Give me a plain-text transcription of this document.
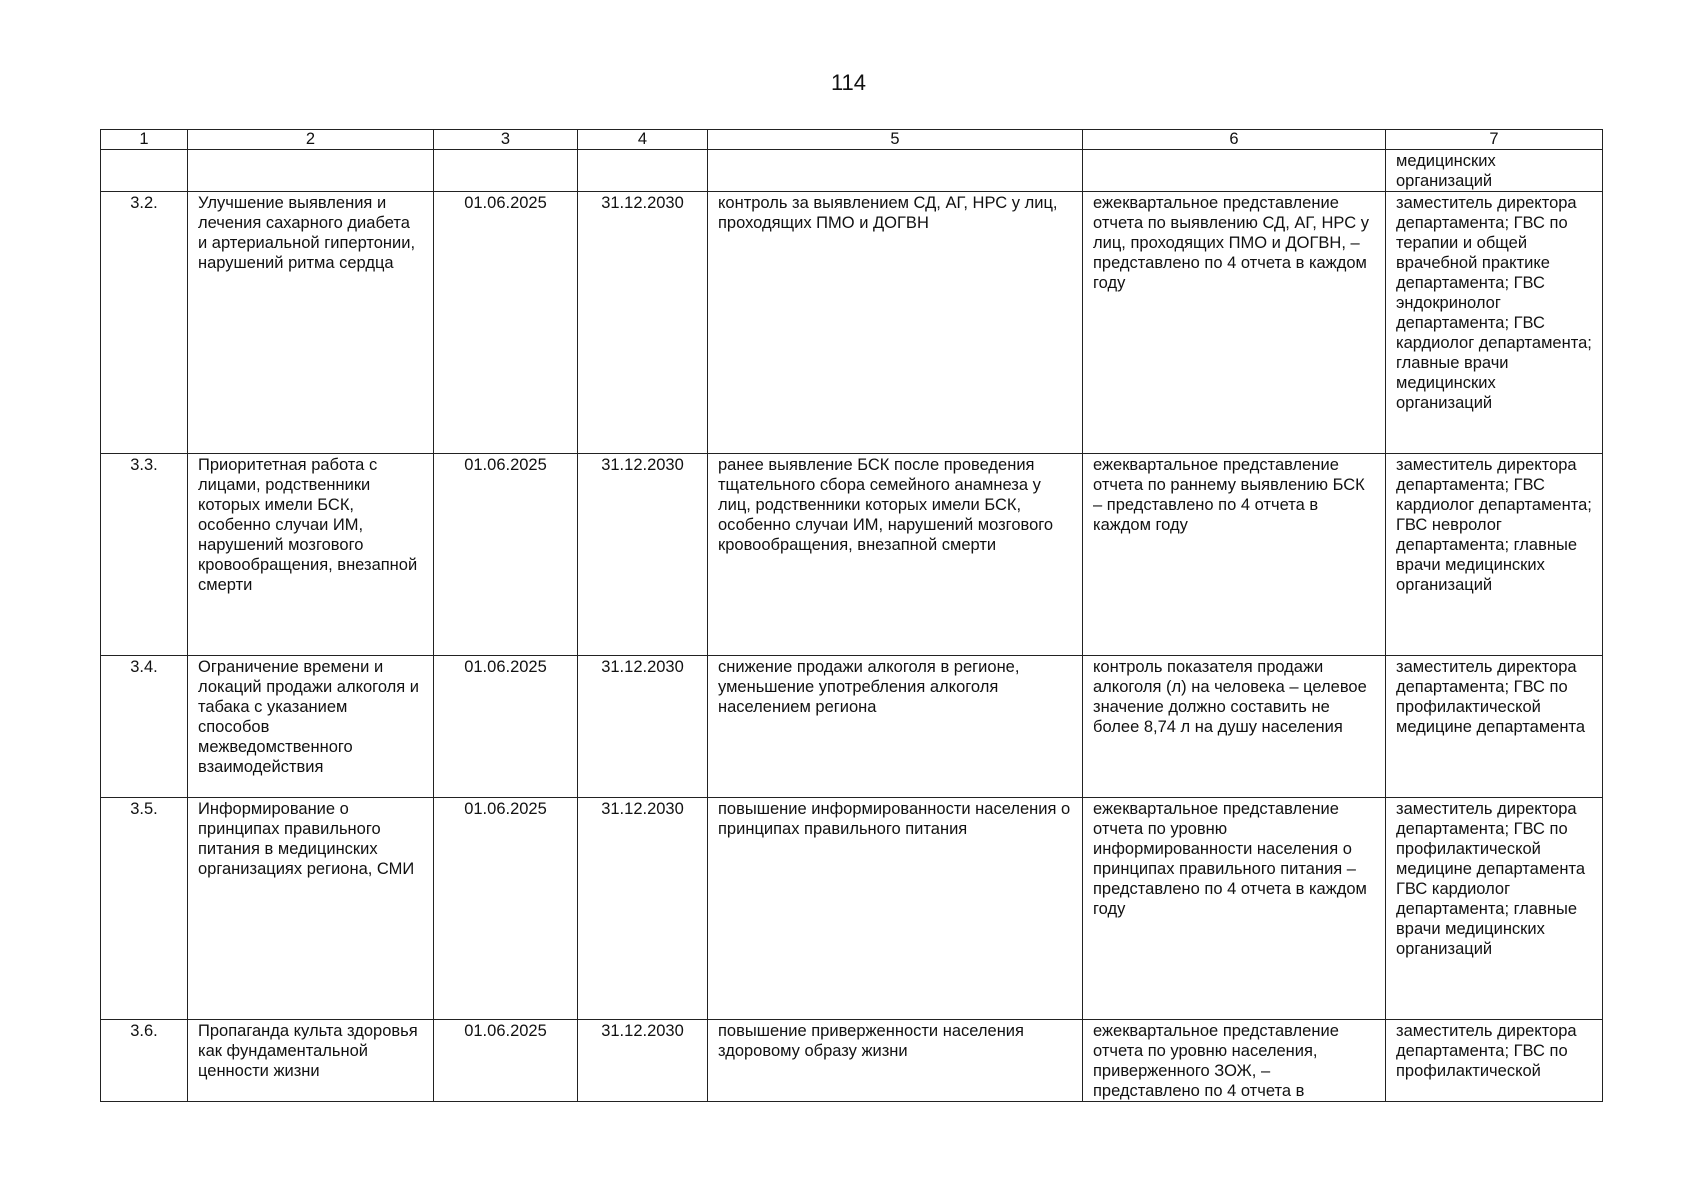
114
1	2	3	4	5	6	7
						медицинских организаций
3.2.	Улучшение выявления и лечения сахарного диабета и артериальной гипертонии, нарушений ритма сердца	01.06.2025	31.12.2030	контроль за выявлением СД, АГ, НРС у лиц, проходящих ПМО и ДОГВН	ежеквартальное представление отчета по выявлению СД, АГ, НРС у лиц, проходящих ПМО и ДОГВН, – представлено по 4 отчета в каждом году	заместитель директора департамента; ГВС по терапии и общей врачебной практике департамента; ГВС эндокринолог департамента; ГВС кардиолог департамента; главные врачи медицинских организаций
3.3.	Приоритетная работа с лицами, родственники которых имели БСК, особенно случаи ИМ, нарушений мозгового кровообращения, внезапной смерти	01.06.2025	31.12.2030	ранее выявление БСК после проведения тщательного сбора семейного анамнеза у лиц, родственники которых имели БСК, особенно случаи ИМ, нарушений мозгового кровообращения, внезапной смерти	ежеквартальное представление отчета по раннему выявлению БСК – представлено по 4 отчета в каждом году	заместитель директора департамента; ГВС кардиолог департамента; ГВС невролог департамента; главные врачи медицинских организаций
3.4.	Ограничение времени и локаций продажи алкоголя и табака с указанием способов межведомственного взаимодействия	01.06.2025	31.12.2030	снижение продажи алкоголя в регионе, уменьшение употребления алкоголя населением региона	контроль показателя продажи алкоголя (л) на человека – целевое значение должно составить не более 8,74 л на душу населения	заместитель директора департамента; ГВС по профилактической медицине департамента
3.5.	Информирование о принципах правильного питания в медицинских организациях региона, СМИ	01.06.2025	31.12.2030	повышение информированности населения о принципах правильного питания	ежеквартальное представление отчета по уровню информированности населения о принципах правильного питания – представлено по 4 отчета в каждом году	заместитель директора департамента; ГВС по профилактической медицине департамента ГВС кардиолог департамента; главные врачи медицинских организаций
3.6.	Пропаганда культа здоровья как фундаментальной ценности жизни	01.06.2025	31.12.2030	повышение приверженности населения здоровому образу жизни	ежеквартальное представление отчета по уровню населения, приверженного ЗОЖ, – представлено по 4 отчета в	заместитель директора департамента; ГВС по профилактической
